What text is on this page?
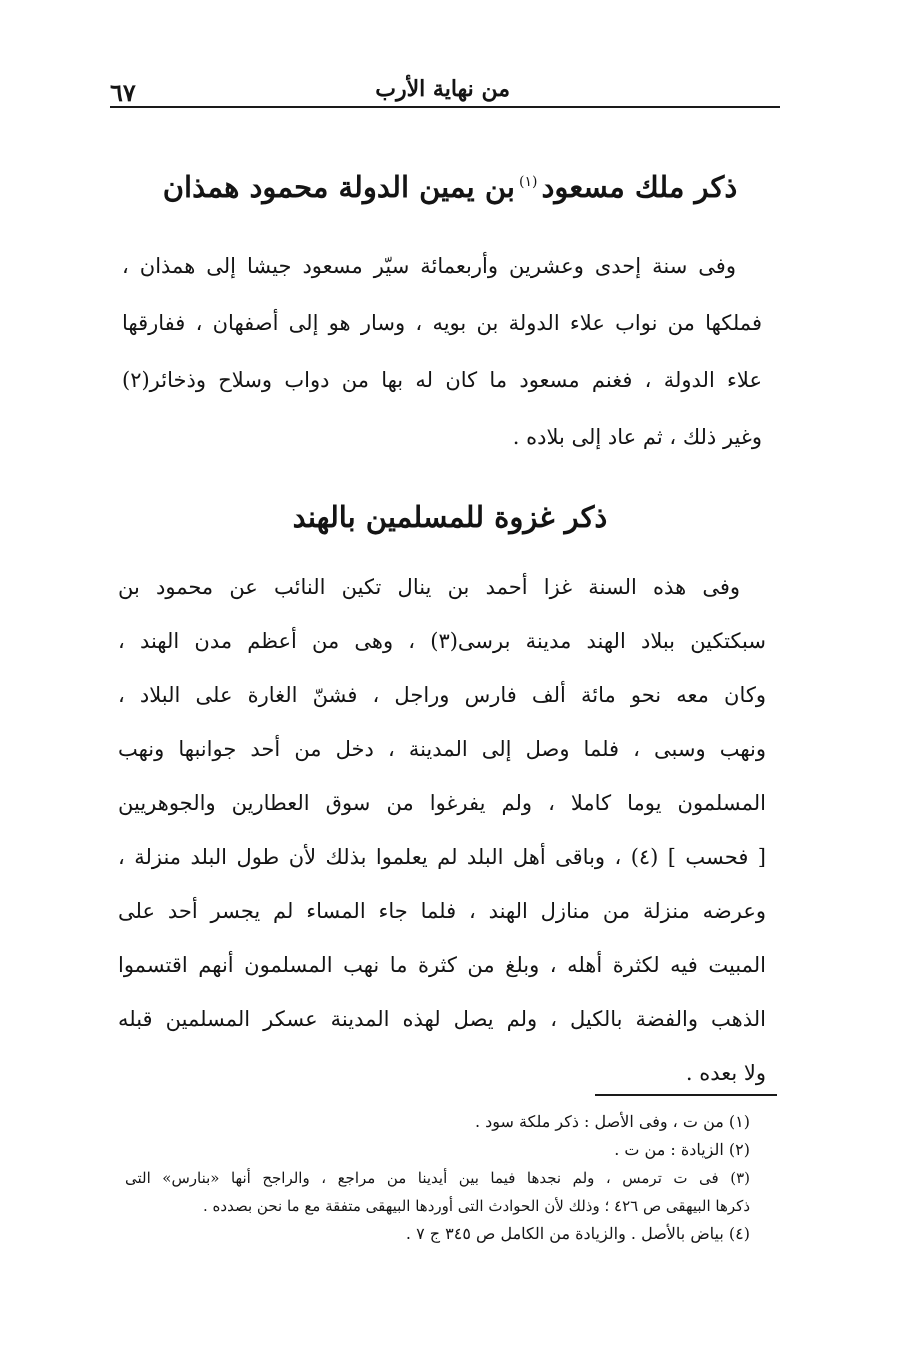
٦٧	من نهاية الأرب
ذكر ملك مسعود$^{(١)}$بن يمين الدولة محمود همذان
وفى سنة إحدى وعشرين وأربعمائة سيّر مسعود جيشا إلى همذان ،
فملكها من نواب علاء الدولة بن بويه ، وسار هو إلى أصفهان ، ففارقها
علاء الدولة ، فغنم مسعود ما كان له بها من دواب وسلاح وذخائر(٢)
وغير ذلك ، ثم عاد إلى بلاده .
ذكر غزوة للمسلمين بالهند
وفى هذه السنة غزا أحمد بن ينال تكين النائب عن محمود بن
سبكتكين ببلاد الهند مدينة برسى(٣) ، وهى من أعظم مدن الهند ،
وكان معه نحو مائة ألف فارس وراجل ، فشنّ الغارة على البلاد ،
ونهب وسبى ، فلما وصل إلى المدينة ، دخل من أحد جوانبها ونهب
المسلمون يوما كاملا ، ولم يفرغوا من سوق العطارين والجوهريين
[ فحسب ] (٤) ، وباقى أهل البلد لم يعلموا بذلك لأن طول البلد منزلة ،
وعرضه منزلة من منازل الهند ، فلما جاء المساء لم يجسر أحد على
المبيت فيه لكثرة أهله ، وبلغ من كثرة ما نهب المسلمون أنهم اقتسموا
الذهب والفضة بالكيل ، ولم يصل لهذه المدينة عسكر المسلمين قبله
ولا بعده .
(١) من ت ، وفى الأصل : ذكر ملكة سود .
(٢) الزيادة : من ت .
(٣) فى ت ترمس ، ولم نجدها فيما بين أيدينا من مراجع ، والراجح أنها «بنارس» التى
ذكرها البيهقى ص ٤٢٦ ؛ وذلك لأن الحوادث التى أوردها البيهقى متفقة مع ما نحن بصدده .
(٤) بياض بالأصل . والزيادة من الكامل ص ٣٤٥ ج ٧ .
